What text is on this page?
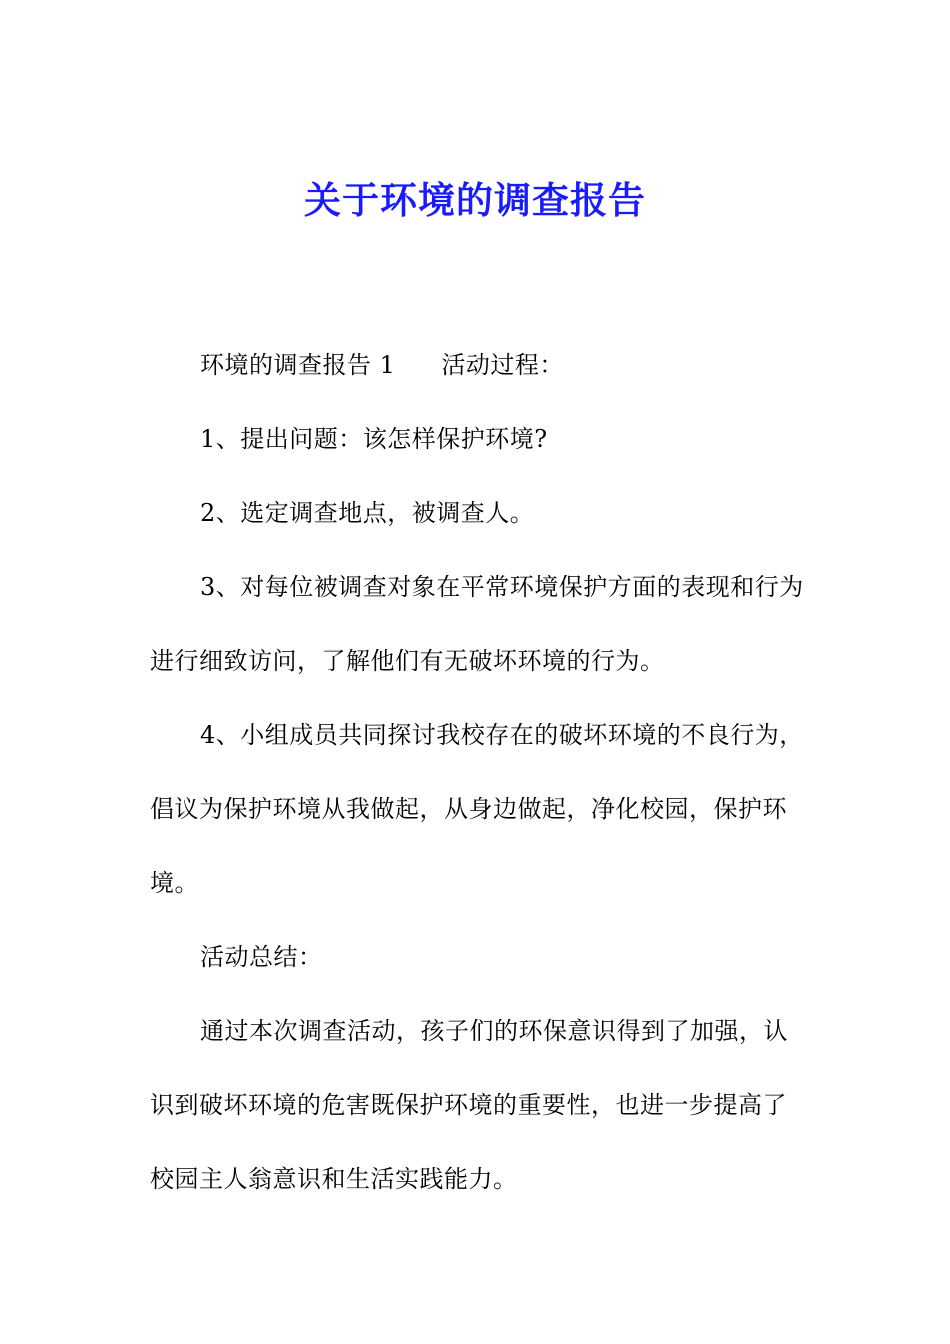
关于环境的调查报告

环境的调查报告 1 活动过程：

1、提出问题：该怎样保护环境?

2、选定调查地点，被调查人。

3、对每位被调查对象在平常环境保护方面的表现和行为进行细致访问，了解他们有无破坏环境的行为。

4、小组成员共同探讨我校存在的破坏环境的不良行为，倡议为保护环境从我做起，从身边做起，净化校园，保护环境。

活动总结：

通过本次调查活动，孩子们的环保意识得到了加强，认识到破坏环境的危害既保护环境的重要性，也进一步提高了校园主人翁意识和生活实践能力。
